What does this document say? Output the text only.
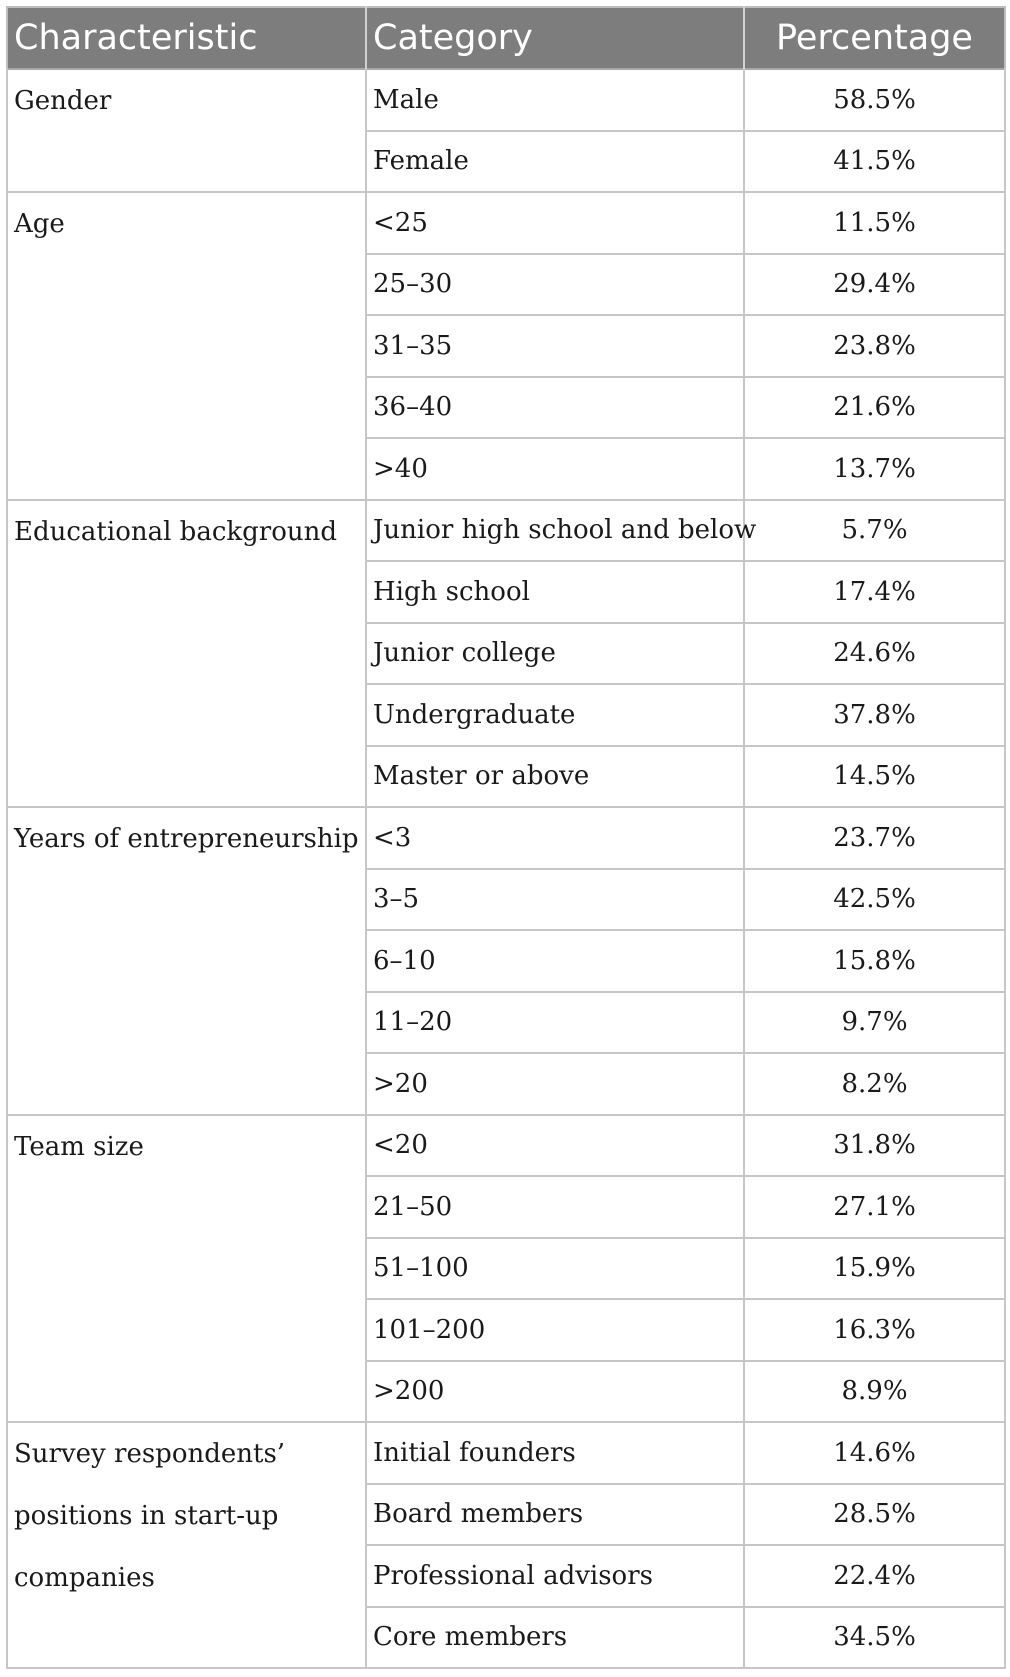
Characteristic	Category	Percentage
Gender	Male	58.5%
	Female	41.5%
Age	<25	11.5%
	25–30	29.4%
	31–35	23.8%
	36–40	21.6%
	>40	13.7%
Educational background	Junior high school and below	5.7%
	High school	17.4%
	Junior college	24.6%
	Undergraduate	37.8%
	Master or above	14.5%
Years of entrepreneurship	<3	23.7%
	3–5	42.5%
	6–10	15.8%
	11–20	9.7%
	>20	8.2%
Team size	<20	31.8%
	21–50	27.1%
	51–100	15.9%
	101–200	16.3%
	>200	8.9%
Survey respondents’ positions in start-up companies	Initial founders	14.6%
	Board members	28.5%
	Professional advisors	22.4%
	Core members	34.5%
